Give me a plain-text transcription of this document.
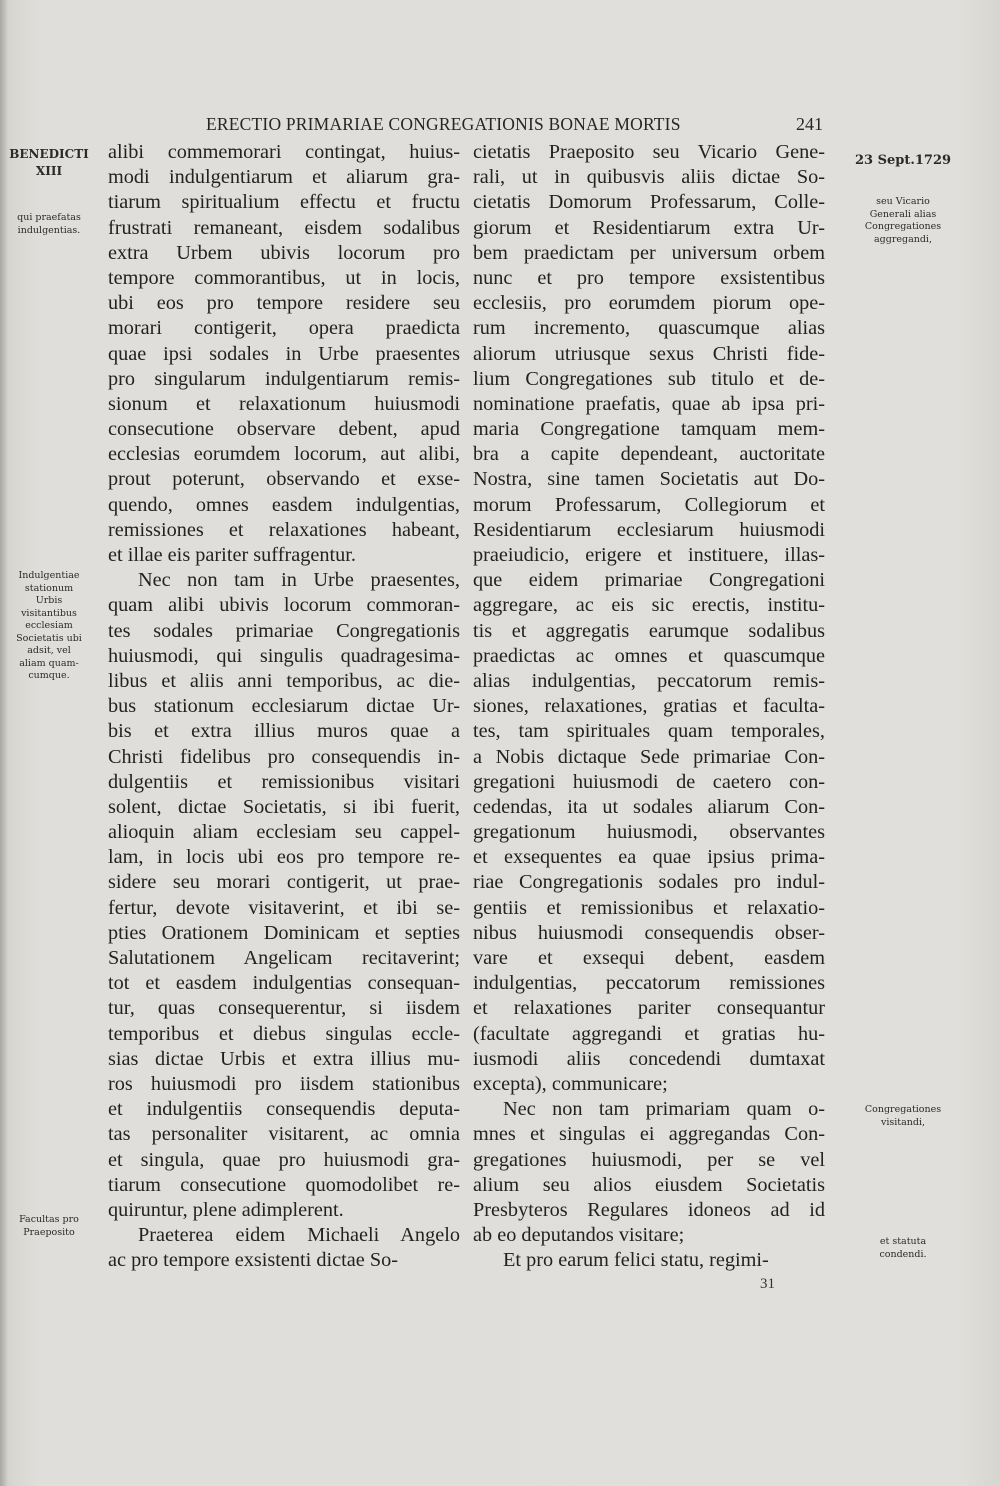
ERECTIO PRIMARIAE CONGREGATIONIS BONAE MORTIS	241
BENEDICTI
XIII
qui praefatas
indulgentias.
Indulgentiae
stationum
Urbis
visitantibus
ecclesiam
Societatis ubi
adsit, vel
aliam quam-
cumque.
Facultas pro
Praeposito
23 Sept.1729
seu Vicario
Generali alias
Congregationes
aggregandi,
Congregationes
visitandi,
et statuta
condendi.
alibi commemorari contingat, huius-
modi indulgentiarum et aliarum gra-
tiarum spiritualium effectu et fructu
frustrati remaneant, eisdem sodalibus
extra Urbem ubivis locorum pro
tempore commorantibus, ut in locis,
ubi eos pro tempore residere seu
morari contigerit, opera praedicta
quae ipsi sodales in Urbe praesentes
pro singularum indulgentiarum remis-
sionum et relaxationum huiusmodi
consecutione observare debent, apud
ecclesias eorumdem locorum, aut alibi,
prout poterunt, observando et exse-
quendo, omnes easdem indulgentias,
remissiones et relaxationes habeant,
et illae eis pariter suffragentur.
Nec non tam in Urbe praesentes,
quam alibi ubivis locorum commoran-
tes sodales primariae Congregationis
huiusmodi, qui singulis quadragesima-
libus et aliis anni temporibus, ac die-
bus stationum ecclesiarum dictae Ur-
bis et extra illius muros quae a
Christi fidelibus pro consequendis in-
dulgentiis et remissionibus visitari
solent, dictae Societatis, si ibi fuerit,
alioquin aliam ecclesiam seu cappel-
lam, in locis ubi eos pro tempore re-
sidere seu morari contigerit, ut prae-
fertur, devote visitaverint, et ibi se-
pties Orationem Dominicam et septies
Salutationem Angelicam recitaverint;
tot et easdem indulgentias consequan-
tur, quas consequerentur, si iisdem
temporibus et diebus singulas eccle-
sias dictae Urbis et extra illius mu-
ros huiusmodi pro iisdem stationibus
et indulgentiis consequendis deputa-
tas personaliter visitarent, ac omnia
et singula, quae pro huiusmodi gra-
tiarum consecutione quomodolibet re-
quiruntur, plene adimplerent.
Praeterea eidem Michaeli Angelo
ac pro tempore exsistenti dictae So-
cietatis Praeposito seu Vicario Gene-
rali, ut in quibusvis aliis dictae So-
cietatis Domorum Professarum, Colle-
giorum et Residentiarum extra Ur-
bem praedictam per universum orbem
nunc et pro tempore exsistentibus
ecclesiis, pro eorumdem piorum ope-
rum incremento, quascumque alias
aliorum utriusque sexus Christi fide-
lium Congregationes sub titulo et de-
nominatione praefatis, quae ab ipsa pri-
maria Congregatione tamquam mem-
bra a capite dependeant, auctoritate
Nostra, sine tamen Societatis aut Do-
morum Professarum, Collegiorum et
Residentiarum ecclesiarum huiusmodi
praeiudicio, erigere et instituere, illas-
que eidem primariae Congregationi
aggregare, ac eis sic erectis, institu-
tis et aggregatis earumque sodalibus
praedictas ac omnes et quascumque
alias indulgentias, peccatorum remis-
siones, relaxationes, gratias et faculta-
tes, tam spirituales quam temporales,
a Nobis dictaque Sede primariae Con-
gregationi huiusmodi de caetero con-
cedendas, ita ut sodales aliarum Con-
gregationum huiusmodi, observantes
et exsequentes ea quae ipsius prima-
riae Congregationis sodales pro indul-
gentiis et remissionibus et relaxatio-
nibus huiusmodi consequendis obser-
vare et exsequi debent, easdem
indulgentias, peccatorum remissiones
et relaxationes pariter consequantur
(facultate aggregandi et gratias hu-
iusmodi aliis concedendi dumtaxat
excepta), communicare;
Nec non tam primariam quam o-
mnes et singulas ei aggregandas Con-
gregationes huiusmodi, per se vel
alium seu alios eiusdem Societatis
Presbyteros Regulares idoneos ad id
ab eo deputandos visitare;
Et pro earum felici statu, regimi-
31
